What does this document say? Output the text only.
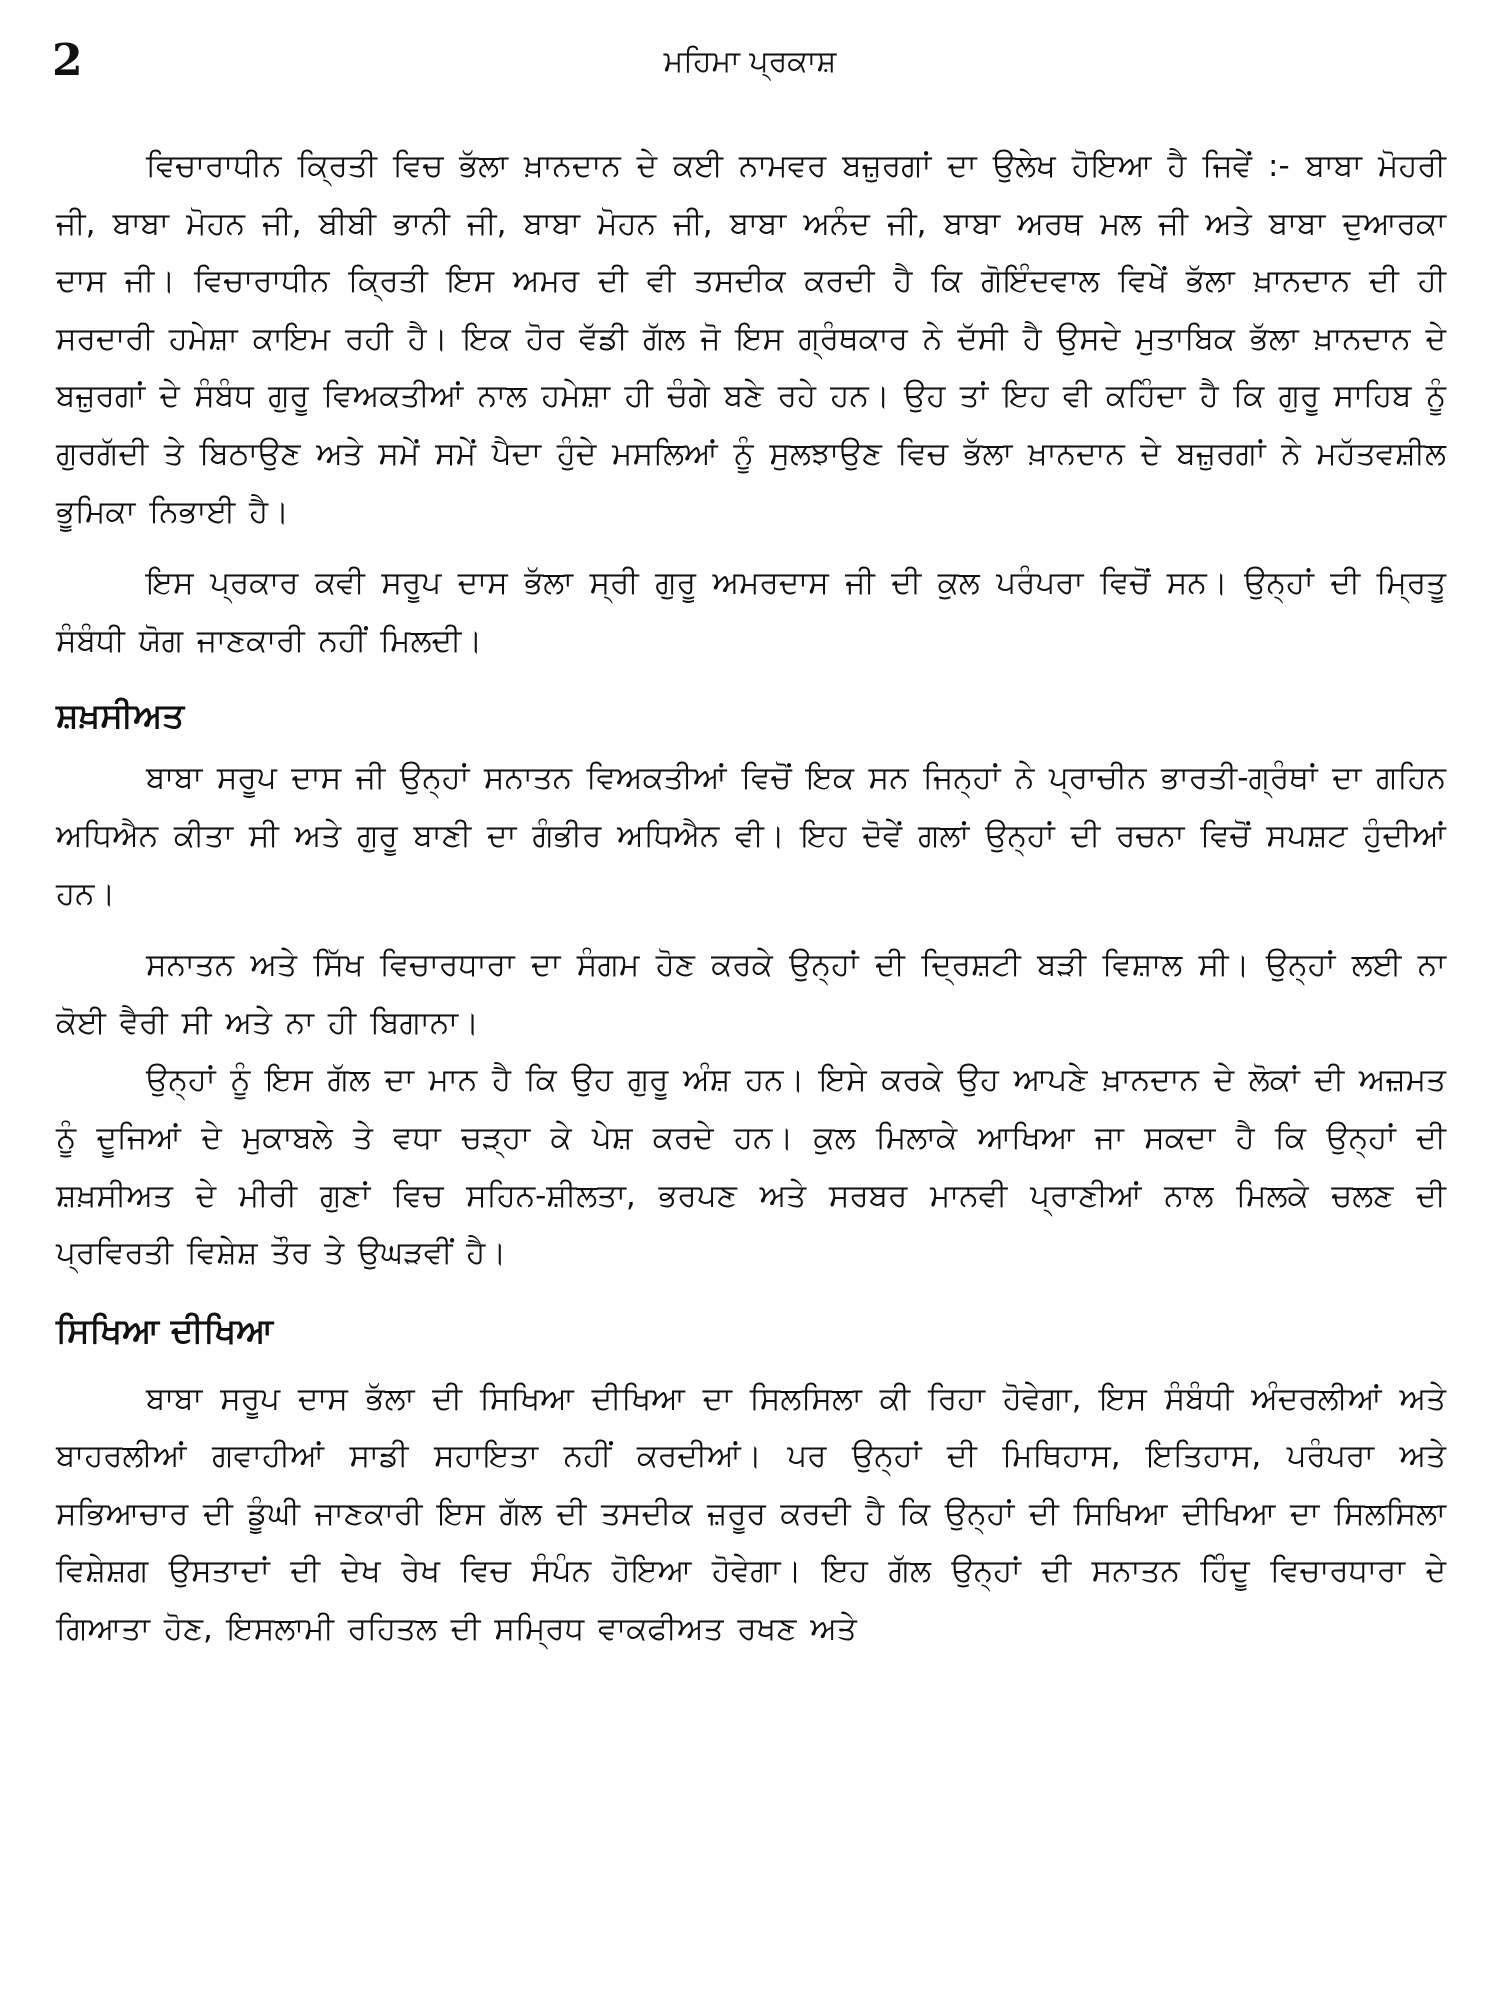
2	ਮਹਿਮਾ ਪ੍ਰਕਾਸ਼

ਵਿਚਾਰਾਧੀਨ ਕ੍ਰਿਤੀ ਵਿਚ ਭੱਲਾ ਖ਼ਾਨਦਾਨ ਦੇ ਕਈ ਨਾਮਵਰ ਬਜ਼ੁਰਗਾਂ ਦਾ ਉਲੇਖ ਹੋਇਆ ਹੈ ਜਿਵੇਂ :- ਬਾਬਾ ਮੋਹਰੀ ਜੀ, ਬਾਬਾ ਮੋਹਨ ਜੀ, ਬੀਬੀ ਭਾਨੀ ਜੀ, ਬਾਬਾ ਮੋਹਨ ਜੀ, ਬਾਬਾ ਅਨੰਦ ਜੀ, ਬਾਬਾ ਅਰਥ ਮਲ ਜੀ ਅਤੇ ਬਾਬਾ ਦੁਆਰਕਾ ਦਾਸ ਜੀ। ਵਿਚਾਰਾਧੀਨ ਕ੍ਰਿਤੀ ਇਸ ਅਮਰ ਦੀ ਵੀ ਤਸਦੀਕ ਕਰਦੀ ਹੈ ਕਿ ਗੋਇੰਦਵਾਲ ਵਿਖੇਂ ਭੱਲਾ ਖ਼ਾਨਦਾਨ ਦੀ ਹੀ ਸਰਦਾਰੀ ਹਮੇਸ਼ਾ ਕਾਇਮ ਰਹੀ ਹੈ। ਇਕ ਹੋਰ ਵੱਡੀ ਗੱਲ ਜੋ ਇਸ ਗ੍ਰੰਥਕਾਰ ਨੇ ਦੱਸੀ ਹੈ ਉਸਦੇ ਮੁਤਾਬਿਕ ਭੱਲਾ ਖ਼ਾਨਦਾਨ ਦੇ ਬਜ਼ੁਰਗਾਂ ਦੇ ਸੰਬੰਧ ਗੁਰੂ ਵਿਅਕਤੀਆਂ ਨਾਲ ਹਮੇਸ਼ਾ ਹੀ ਚੰਗੇ ਬਣੇ ਰਹੇ ਹਨ। ਉਹ ਤਾਂ ਇਹ ਵੀ ਕਹਿੰਦਾ ਹੈ ਕਿ ਗੁਰੂ ਸਾਹਿਬ ਨੂੰ ਗੁਰਗੱਦੀ ਤੇ ਬਿਠਾਉਣ ਅਤੇ ਸਮੇਂ ਸਮੇਂ ਪੈਦਾ ਹੁੰਦੇ ਮਸਲਿਆਂ ਨੂੰ ਸੁਲਝਾਉਣ ਵਿਚ ਭੱਲਾ ਖ਼ਾਨਦਾਨ ਦੇ ਬਜ਼ੁਰਗਾਂ ਨੇ ਮਹੱਤਵਸ਼ੀਲ ਭੂਮਿਕਾ ਨਿਭਾਈ ਹੈ।

ਇਸ ਪ੍ਰਕਾਰ ਕਵੀ ਸਰੂਪ ਦਾਸ ਭੱਲਾ ਸ੍ਰੀ ਗੁਰੂ ਅਮਰਦਾਸ ਜੀ ਦੀ ਕੁਲ ਪਰੰਪਰਾ ਵਿਚੋਂ ਸਨ। ਉਨ੍ਹਾਂ ਦੀ ਮ੍ਰਿਤੂ ਸੰਬੰਧੀ ਯੋਗ ਜਾਣਕਾਰੀ ਨਹੀਂ ਮਿਲਦੀ।

ਸ਼ਖ਼ਸੀਅਤ

ਬਾਬਾ ਸਰੂਪ ਦਾਸ ਜੀ ਉਨ੍ਹਾਂ ਸਨਾਤਨ ਵਿਅਕਤੀਆਂ ਵਿਚੋਂ ਇਕ ਸਨ ਜਿਨ੍ਹਾਂ ਨੇ ਪ੍ਰਾਚੀਨ ਭਾਰਤੀ-ਗ੍ਰੰਥਾਂ ਦਾ ਗਹਿਨ ਅਧਿਐਨ ਕੀਤਾ ਸੀ ਅਤੇ ਗੁਰੂ ਬਾਣੀ ਦਾ ਗੰਭੀਰ ਅਧਿਐਨ ਵੀ। ਇਹ ਦੋਵੇਂ ਗਲਾਂ ਉਨ੍ਹਾਂ ਦੀ ਰਚਨਾ ਵਿਚੋਂ ਸਪਸ਼ਟ ਹੁੰਦੀਆਂ ਹਨ।

ਸਨਾਤਨ ਅਤੇ ਸਿੱਖ ਵਿਚਾਰਧਾਰਾ ਦਾ ਸੰਗਮ ਹੋਣ ਕਰਕੇ ਉਨ੍ਹਾਂ ਦੀ ਦ੍ਰਿਸ਼ਟੀ ਬੜੀ ਵਿਸ਼ਾਲ ਸੀ। ਉਨ੍ਹਾਂ ਲਈ ਨਾ ਕੋਈ ਵੈਰੀ ਸੀ ਅਤੇ ਨਾ ਹੀ ਬਿਗਾਨਾ।

ਉਨ੍ਹਾਂ ਨੂੰ ਇਸ ਗੱਲ ਦਾ ਮਾਨ ਹੈ ਕਿ ਉਹ ਗੁਰੂ ਅੰਸ਼ ਹਨ। ਇਸੇ ਕਰਕੇ ਉਹ ਆਪਣੇ ਖ਼ਾਨਦਾਨ ਦੇ ਲੋਕਾਂ ਦੀ ਅਜ਼ਮਤ ਨੂੰ ਦੂਜਿਆਂ ਦੇ ਮੁਕਾਬਲੇ ਤੇ ਵਧਾ ਚੜ੍ਹਾ ਕੇ ਪੇਸ਼ ਕਰਦੇ ਹਨ। ਕੁਲ ਮਿਲਾਕੇ ਆਖਿਆ ਜਾ ਸਕਦਾ ਹੈ ਕਿ ਉਨ੍ਹਾਂ ਦੀ ਸ਼ਖ਼ਸੀਅਤ ਦੇ ਮੀਰੀ ਗੁਣਾਂ ਵਿਚ ਸਹਿਨ-ਸ਼ੀਲਤਾ, ਭਰਪਣ ਅਤੇ ਸਰਬਰ ਮਾਨਵੀ ਪ੍ਰਾਣੀਆਂ ਨਾਲ ਮਿਲਕੇ ਚਲਣ ਦੀ ਪ੍ਰਵਿਰਤੀ ਵਿਸ਼ੇਸ਼ ਤੌਰ ਤੇ ਉਘੜਵੀਂ ਹੈ।

ਸਿਖਿਆ ਦੀਖਿਆ

ਬਾਬਾ ਸਰੂਪ ਦਾਸ ਭੱਲਾ ਦੀ ਸਿਖਿਆ ਦੀਖਿਆ ਦਾ ਸਿਲਸਿਲਾ ਕੀ ਰਿਹਾ ਹੋਵੇਗਾ, ਇਸ ਸੰਬੰਧੀ ਅੰਦਰਲੀਆਂ ਅਤੇ ਬਾਹਰਲੀਆਂ ਗਵਾਹੀਆਂ ਸਾਡੀ ਸਹਾਇਤਾ ਨਹੀਂ ਕਰਦੀਆਂ। ਪਰ ਉਨ੍ਹਾਂ ਦੀ ਮਿਥਿਹਾਸ, ਇਤਿਹਾਸ, ਪਰੰਪਰਾ ਅਤੇ ਸਭਿਆਚਾਰ ਦੀ ਡੂੰਘੀ ਜਾਣਕਾਰੀ ਇਸ ਗੱਲ ਦੀ ਤਸਦੀਕ ਜ਼ਰੂਰ ਕਰਦੀ ਹੈ ਕਿ ਉਨ੍ਹਾਂ ਦੀ ਸਿਖਿਆ ਦੀਖਿਆ ਦਾ ਸਿਲਸਿਲਾ ਵਿਸ਼ੇਸ਼ਗ ਉਸਤਾਦਾਂ ਦੀ ਦੇਖ ਰੇਖ ਵਿਚ ਸੰਪੰਨ ਹੋਇਆ ਹੋਵੇਗਾ। ਇਹ ਗੱਲ ਉਨ੍ਹਾਂ ਦੀ ਸਨਾਤਨ ਹਿੰਦੂ ਵਿਚਾਰਧਾਰਾ ਦੇ ਗਿਆਤਾ ਹੋਣ, ਇਸਲਾਮੀ ਰਹਿਤਲ ਦੀ ਸਮ੍ਰਿਧ ਵਾਕਫੀਅਤ ਰਖਣ ਅਤੇ
